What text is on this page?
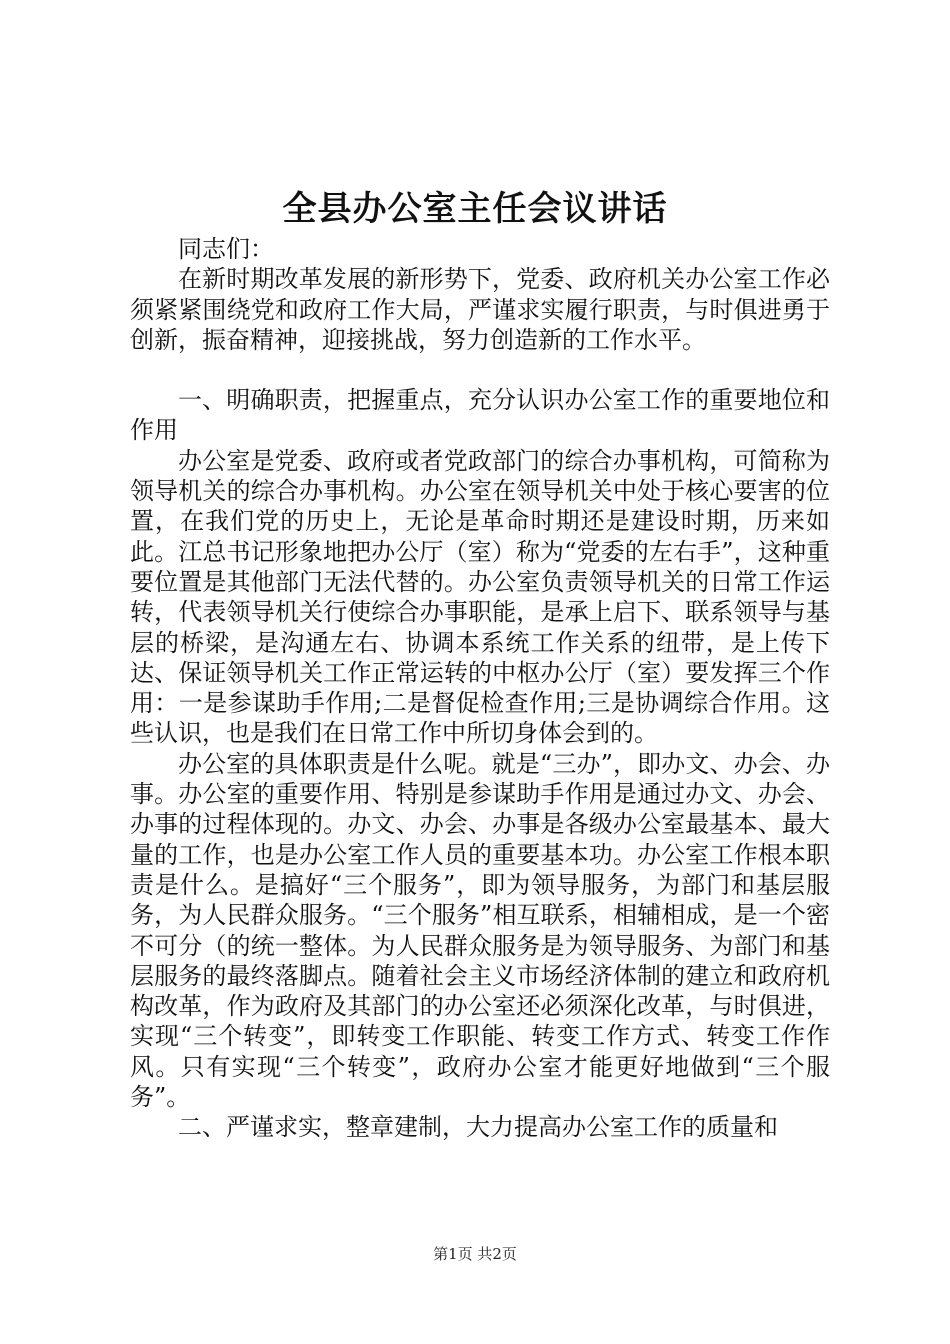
全县办公室主任会议讲话

同志们：

在新时期改革发展的新形势下，党委、政府机关办公室工作必须紧紧围绕党和政府工作大局，严谨求实履行职责，与时俱进勇于创新，振奋精神，迎接挑战，努力创造新的工作水平。

一、明确职责，把握重点，充分认识办公室工作的重要地位和作用

办公室是党委、政府或者党政部门的综合办事机构，可简称为领导机关的综合办事机构。办公室在领导机关中处于核心要害的位置，在我们党的历史上，无论是革命时期还是建设时期，历来如此。江总书记形象地把办公厅（室）称为“党委的左右手”，这种重要位置是其他部门无法代替的。办公室负责领导机关的日常工作运转，代表领导机关行使综合办事职能，是承上启下、联系领导与基层的桥梁，是沟通左右、协调本系统工作关系的纽带，是上传下达、保证领导机关工作正常运转的中枢办公厅（室）要发挥三个作用：一是参谋助手作用;二是督促检查作用;三是协调综合作用。这些认识，也是我们在日常工作中所切身体会到的。

办公室的具体职责是什么呢。就是“三办”，即办文、办会、办事。办公室的重要作用、特别是参谋助手作用是通过办文、办会、办事的过程体现的。办文、办会、办事是各级办公室最基本、最大量的工作，也是办公室工作人员的重要基本功。办公室工作根本职责是什么。是搞好“三个服务”，即为领导服务，为部门和基层服务，为人民群众服务。“三个服务”相互联系，相辅相成，是一个密不可分（的统一整体。为人民群众服务是为领导服务、为部门和基层服务的最终落脚点。随着社会主义市场经济体制的建立和政府机构改革，作为政府及其部门的办公室还必须深化改革，与时俱进，实现“三个转变”，即转变工作职能、转变工作方式、转变工作作风。只有实现“三个转变”，政府办公室才能更好地做到“三个服务”。

二、严谨求实，整章建制，大力提高办公室工作的质量和

第1页 共2页
